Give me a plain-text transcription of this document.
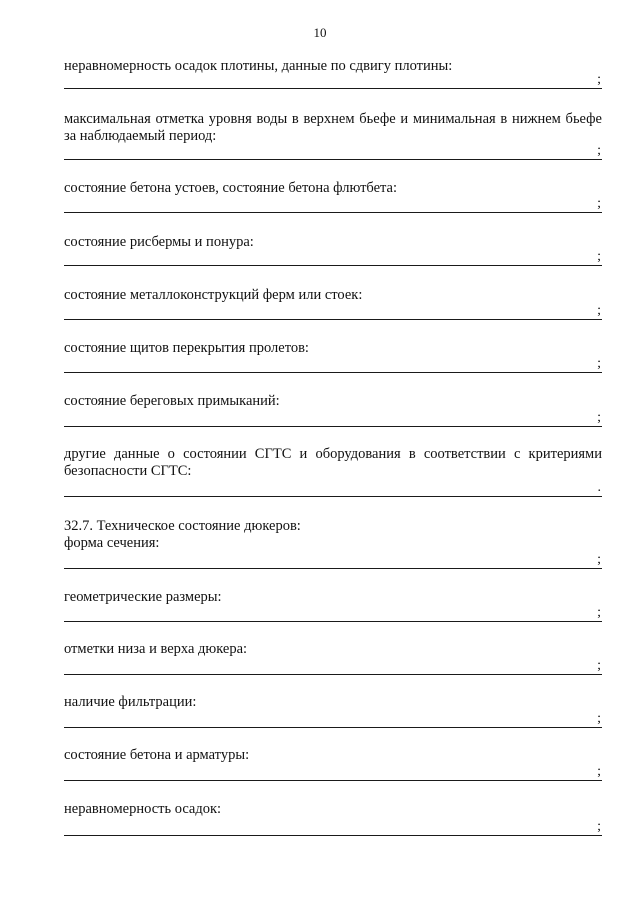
10

неравномерность осадок плотины, данные по сдвигу плотины:

;

максимальная отметка уровня воды в верхнем бьефе и минимальная в нижнем бьефе за наблюдаемый период:

;

состояние бетона устоев, состояние бетона флютбета:

;

состояние рисбермы и понура:

;

состояние металлоконструкций ферм или стоек:

;

состояние щитов перекрытия пролетов:

;

состояние береговых примыканий:

;

другие данные о состоянии СГТС и оборудования в соответствии с критериями безопасности СГТС:

.

32.7. Техническое состояние дюкеров:

форма сечения:

;

геометрические размеры:

;

отметки низа и верха дюкера:

;

наличие фильтрации:

;

состояние бетона и арматуры:

;

неравномерность осадок:

;
